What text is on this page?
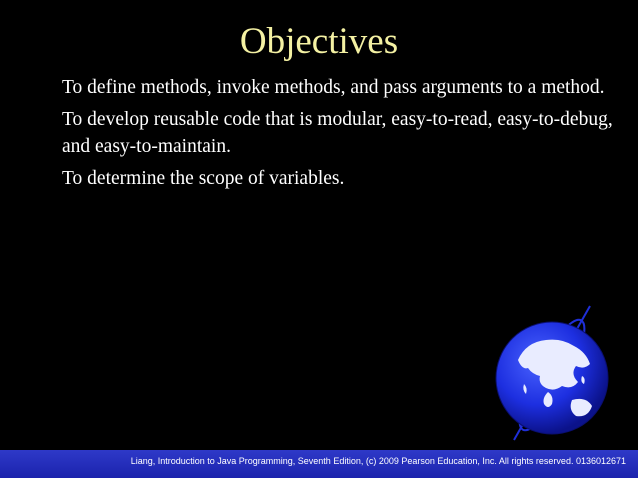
Objectives
To define methods, invoke methods, and pass arguments to a method.
To develop reusable code that is modular, easy-to-read, easy-to-debug, and easy-to-maintain.
To determine the scope of variables.
Liang, Introduction to Java Programming, Seventh Edition, (c) 2009 Pearson Education, Inc. All rights reserved. 0136012671
